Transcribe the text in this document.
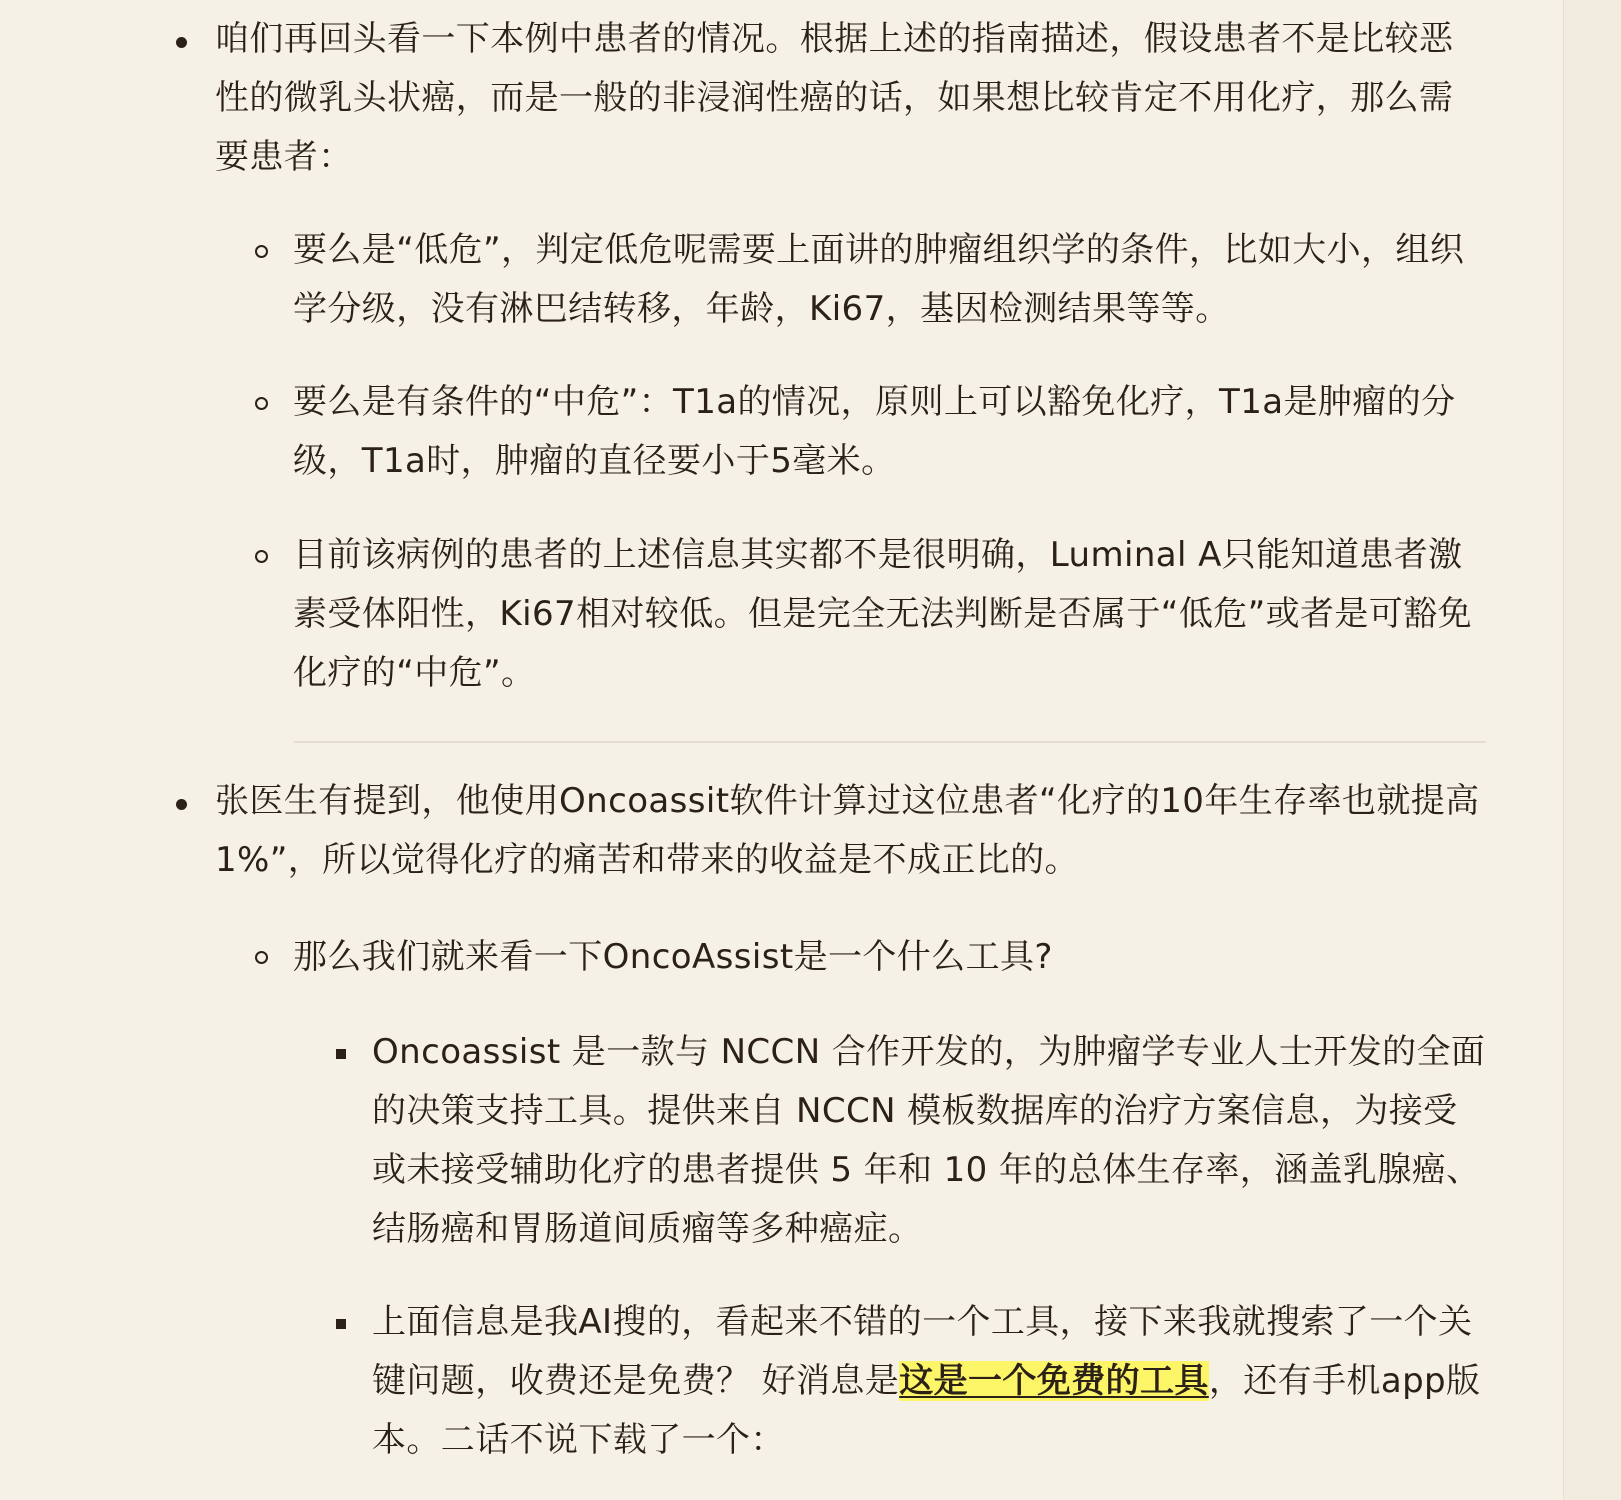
咱们再回头看一下本例中患者的情况。根据上述的指南描述，假设患者不是比较恶性的微乳头状癌，而是一般的非浸润性癌的话，如果想比较肯定不用化疗，那么需要患者：
要么是“低危”，判定低危呢需要上面讲的肿瘤组织学的条件，比如大小，组织学分级，没有淋巴结转移，年龄，Ki67，基因检测结果等等。
要么是有条件的“中危”：T1a的情况，原则上可以豁免化疗，T1a是肿瘤的分级，T1a时，肿瘤的直径要小于5毫米。
目前该病例的患者的上述信息其实都不是很明确，Luminal A只能知道患者激素受体阳性，Ki67相对较低。但是完全无法判断是否属于“低危”或者是可豁免化疗的“中危”。
张医生有提到，他使用Oncoassit软件计算过这位患者“化疗的10年生存率也就提高1%”，所以觉得化疗的痛苦和带来的收益是不成正比的。
那么我们就来看一下OncoAssist是一个什么工具?
Oncoassist 是一款与 NCCN 合作开发的，为肿瘤学专业人士开发的全面的决策支持工具。提供来自 NCCN 模板数据库的治疗方案信息，为接受或未接受辅助化疗的患者提供 5 年和 10 年的总体生存率，涵盖乳腺癌、结肠癌和胃肠道间质瘤等多种癌症。
上面信息是我AI搜的，看起来不错的一个工具，接下来我就搜索了一个关键问题，收费还是免费？ 好消息是这是一个免费的工具，还有手机app版本。二话不说下载了一个：
